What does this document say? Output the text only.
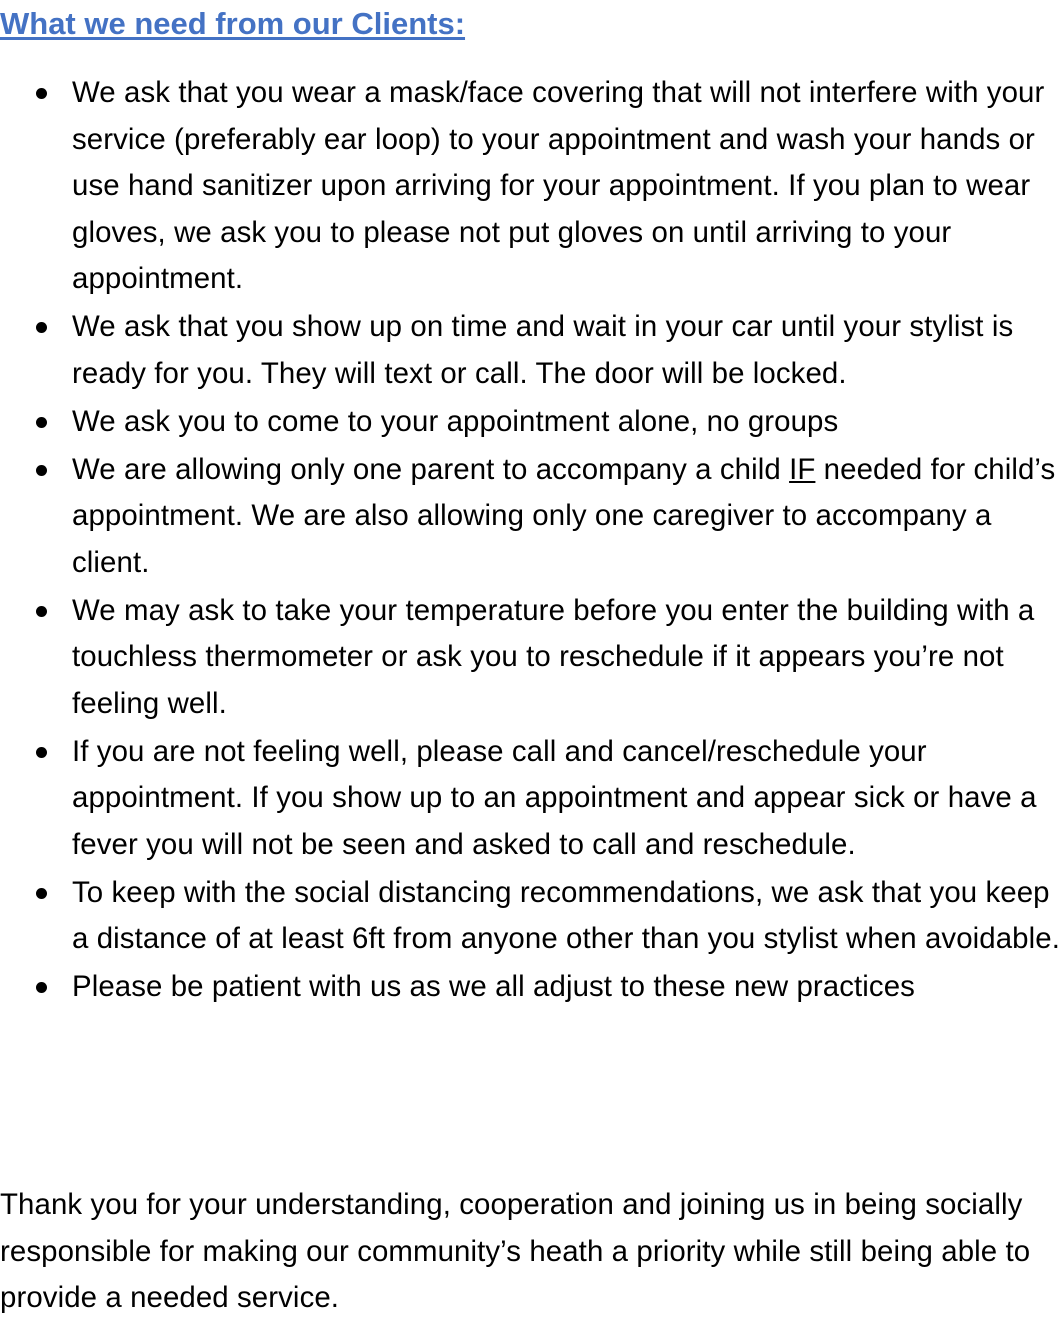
What we need from our Clients:
We ask that you wear a mask/face covering that will not interfere with your service (preferably ear loop) to your appointment and wash your hands or use hand sanitizer upon arriving for your appointment. If you plan to wear gloves, we ask you to please not put gloves on until arriving to your appointment.
We ask that you show up on time and wait in your car until your stylist is ready for you. They will text or call. The door will be locked.
We ask you to come to your appointment alone, no groups
We are allowing only one parent to accompany a child IF needed for child’s appointment. We are also allowing only one caregiver to accompany a client.
We may ask to take your temperature before you enter the building with a touchless thermometer or ask you to reschedule if it appears you’re not feeling well.
If you are not feeling well, please call and cancel/reschedule your appointment. If you show up to an appointment and appear sick or have a fever you will not be seen and asked to call and reschedule.
To keep with the social distancing recommendations, we ask that you keep a distance of at least 6ft from anyone other than you stylist when avoidable.
Please be patient with us as we all adjust to these new practices

Thank you for your understanding, cooperation and joining us in being socially responsible for making our community’s heath a priority while still being able to provide a needed service.
